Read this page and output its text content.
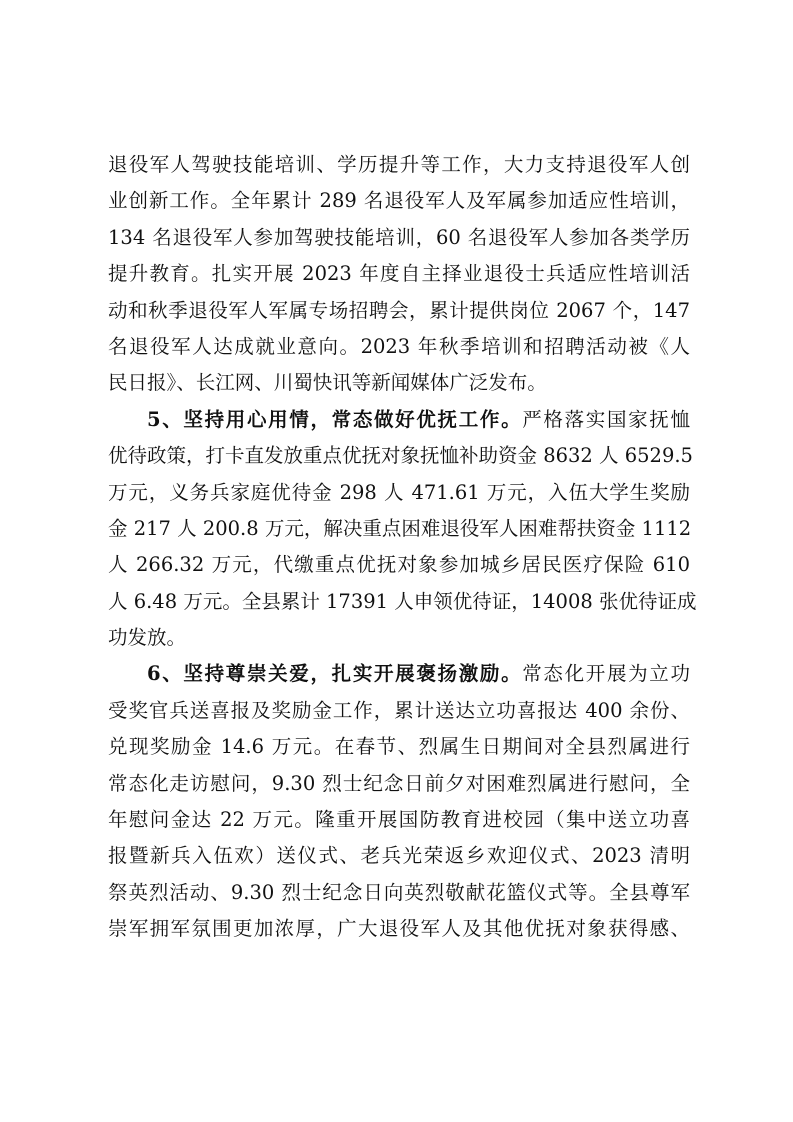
退役军人驾驶技能培训、学历提升等工作，大力支持退役军人创
业创新工作。全年累计 289 名退役军人及军属参加适应性培训，
134 名退役军人参加驾驶技能培训，60 名退役军人参加各类学历
提升教育。扎实开展 2023 年度自主择业退役士兵适应性培训活
动和秋季退役军人军属专场招聘会，累计提供岗位 2067 个，147
名退役军人达成就业意向。2023 年秋季培训和招聘活动被《人
民日报》、长江网、川蜀快讯等新闻媒体广泛发布。
5、坚持用心用情，常态做好优抚工作。严格落实国家抚恤
优待政策，打卡直发放重点优抚对象抚恤补助资金 8632 人 6529.5
万元，义务兵家庭优待金 298 人 471.61 万元，入伍大学生奖励
金 217 人 200.8 万元，解决重点困难退役军人困难帮扶资金 1112
人 266.32 万元，代缴重点优抚对象参加城乡居民医疗保险 610
人 6.48 万元。全县累计 17391 人申领优待证，14008 张优待证成
功发放。
6、坚持尊崇关爱，扎实开展褒扬激励。常态化开展为立功
受奖官兵送喜报及奖励金工作，累计送达立功喜报达 400 余份、
兑现奖励金 14.6 万元。在春节、烈属生日期间对全县烈属进行
常态化走访慰问，9.30 烈士纪念日前夕对困难烈属进行慰问，全
年慰问金达 22 万元。隆重开展国防教育进校园（集中送立功喜
报暨新兵入伍欢）送仪式、老兵光荣返乡欢迎仪式、2023 清明
祭英烈活动、9.30 烈士纪念日向英烈敬献花篮仪式等。全县尊军
崇军拥军氛围更加浓厚，广大退役军人及其他优抚对象获得感、
